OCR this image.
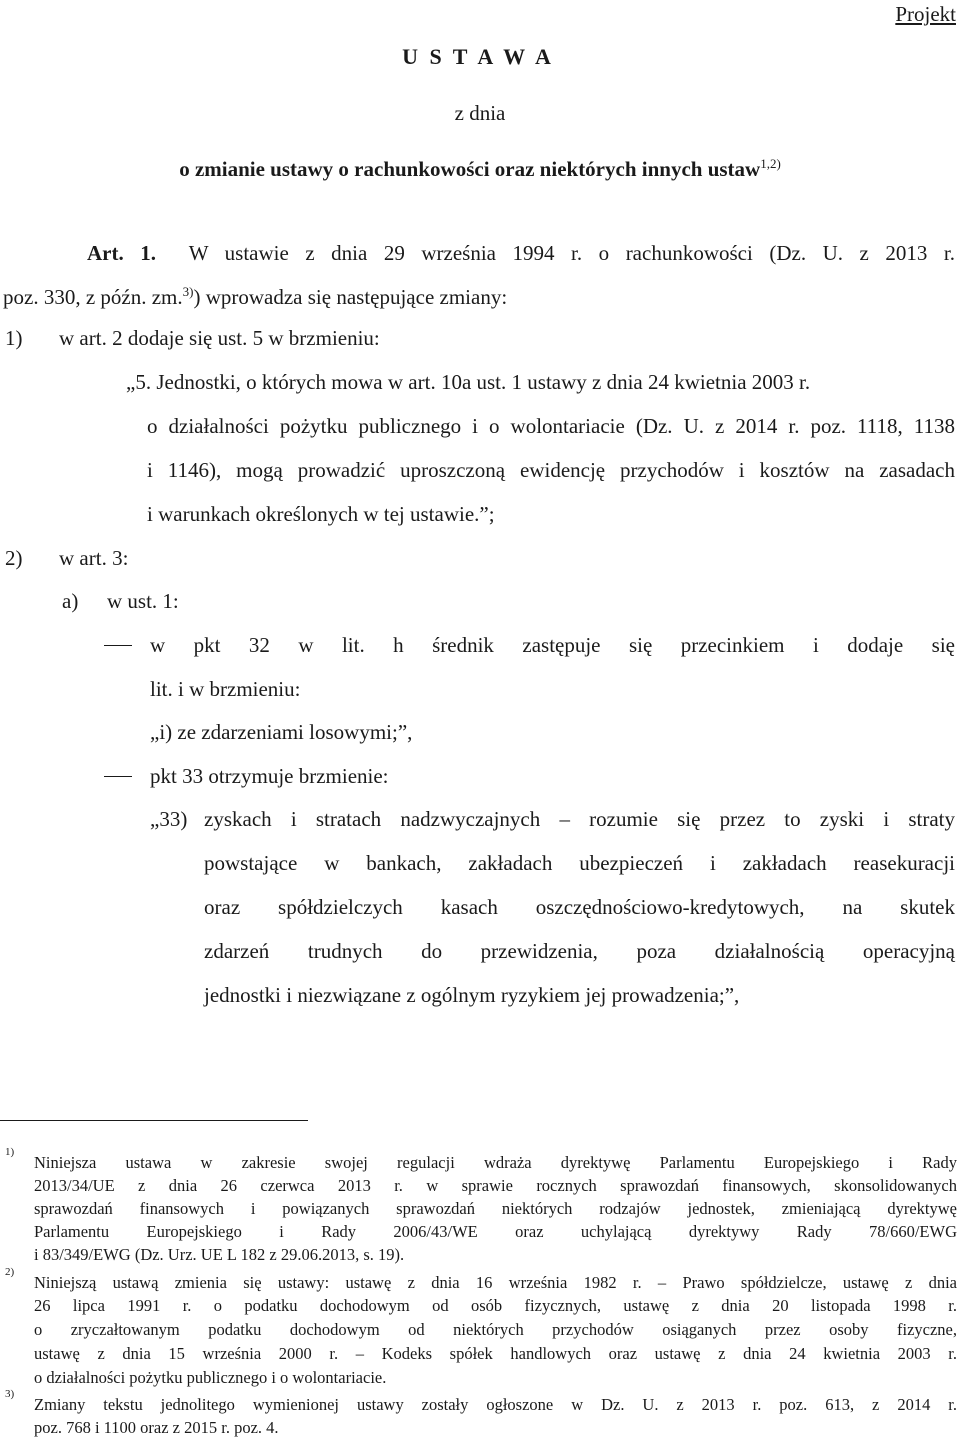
Projekt
U S T A W A
z dnia
o zmianie ustawy o rachunkowości oraz niektórych innych ustaw$^{1,2)}$
Art. 1. W ustawie z dnia 29 września 1994 r. o rachunkowości (Dz. U. z 2013 r.
poz. 330, z późn. zm.$^{3)}$) wprowadza się następujące zmiany:
1) w art. 2 dodaje się ust. 5 w brzmieniu:
„5. Jednostki, o których mowa w art. 10a ust. 1 ustawy z dnia 24 kwietnia 2003 r.
o działalności pożytku publicznego i o wolontariacie (Dz. U. z 2014 r. poz. 1118, 1138
i 1146), mogą prowadzić uproszczoną ewidencję przychodów i kosztów na zasadach
i warunkach określonych w tej ustawie.”;
2) w art. 3:
a) w ust. 1:
w pkt 32 w lit. h średnik zastępuje się przecinkiem i dodaje się
lit. i w brzmieniu:
„i) ze zdarzeniami losowymi;”,
pkt 33 otrzymuje brzmienie:
„33) zyskach i stratach nadzwyczajnych – rozumie się przez to zyski i straty
powstające w bankach, zakładach ubezpieczeń i zakładach reasekuracji
oraz spółdzielczych kasach oszczędnościowo-kredytowych, na skutek
zdarzeń trudnych do przewidzenia, poza działalnością operacyjną
jednostki i niezwiązane z ogólnym ryzykiem jej prowadzenia;”,
1)
Niniejsza ustawa w zakresie swojej regulacji wdraża dyrektywę Parlamentu Europejskiego i Rady
2013/34/UE z dnia 26 czerwca 2013 r. w sprawie rocznych sprawozdań finansowych, skonsolidowanych
sprawozdań finansowych i powiązanych sprawozdań niektórych rodzajów jednostek, zmieniającą dyrektywę
Parlamentu Europejskiego i Rady 2006/43/WE oraz uchylającą dyrektywy Rady 78/660/EWG
i 83/349/EWG (Dz. Urz. UE L 182 z 29.06.2013, s. 19).
2)
Niniejszą ustawą zmienia się ustawy: ustawę z dnia 16 września 1982 r. – Prawo spółdzielcze, ustawę z dnia
26 lipca 1991 r. o podatku dochodowym od osób fizycznych, ustawę z dnia 20 listopada 1998 r.
o zryczałtowanym podatku dochodowym od niektórych przychodów osiąganych przez osoby fizyczne,
ustawę z dnia 15 września 2000 r. – Kodeks spółek handlowych oraz ustawę z dnia 24 kwietnia 2003 r.
o działalności pożytku publicznego i o wolontariacie.
3)
Zmiany tekstu jednolitego wymienionej ustawy zostały ogłoszone w Dz. U. z 2013 r. poz. 613, z 2014 r.
poz. 768 i 1100 oraz z 2015 r. poz. 4.
